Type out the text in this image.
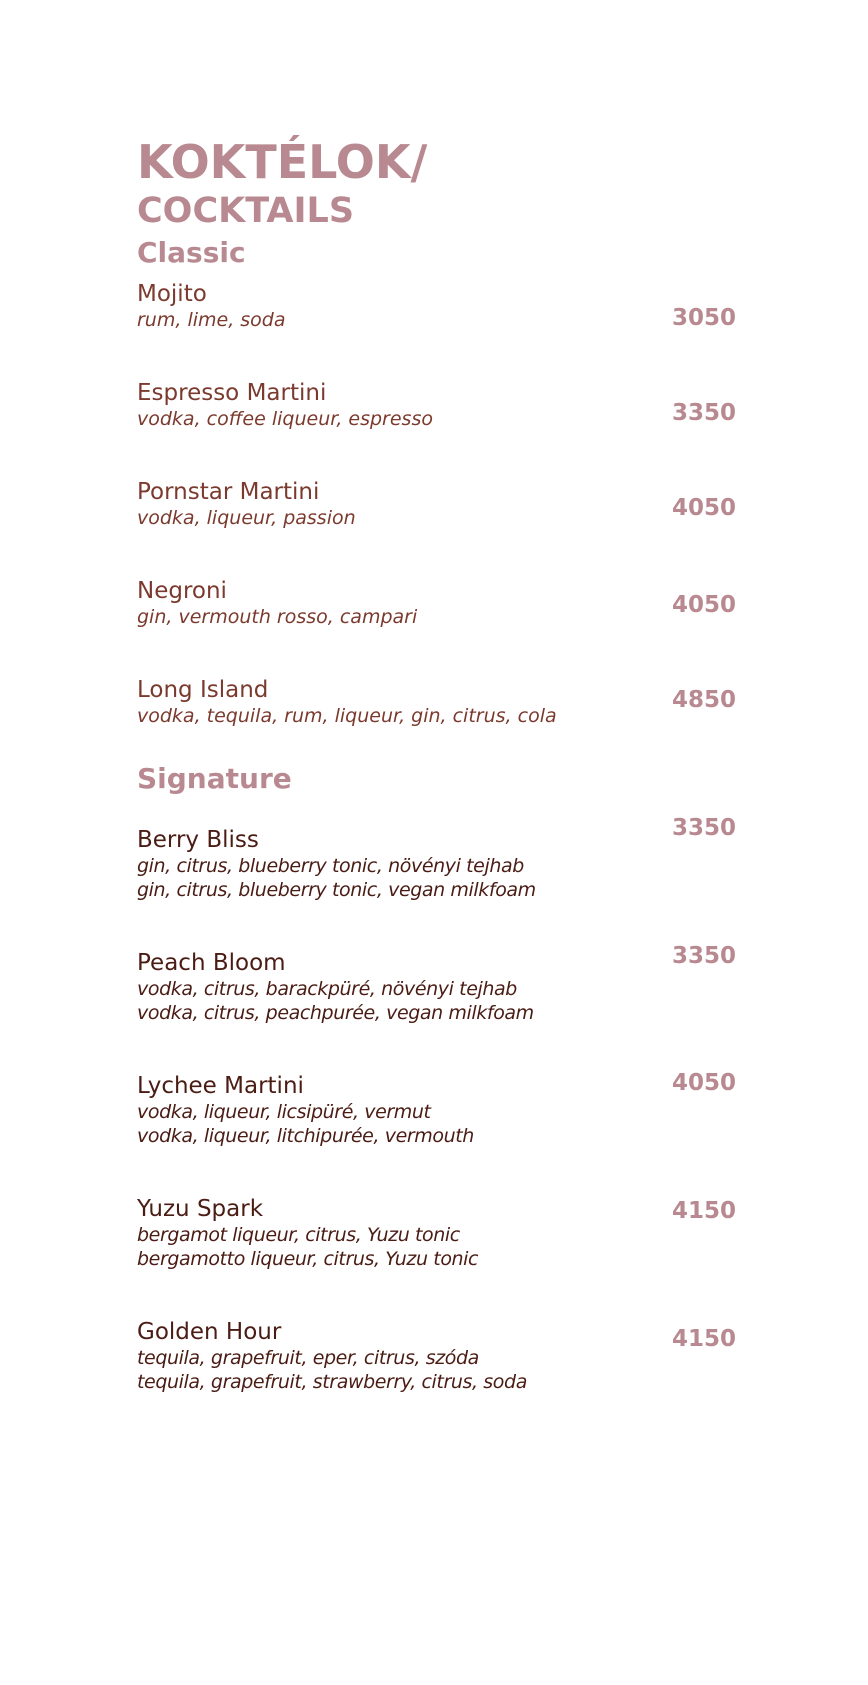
KOKTÉLOK/
COCKTAILS
Classic
Mojito
rum, lime, soda	3050
Espresso Martini
vodka, coffee liqueur, espresso	3350
Pornstar Martini
vodka, liqueur, passion	4050
Negroni
gin, vermouth rosso, campari	4050
Long Island
vodka, tequila, rum, liqueur, gin, citrus, cola
4850
Signature
Berry Bliss
gin, citrus, blueberry tonic, növényi tejhab
gin, citrus, blueberry tonic, vegan milkfoam
3350
Peach Bloom
vodka, citrus, barackpüré, növényi tejhab
vodka, citrus, peachpurée, vegan milkfoam
3350
Lychee Martini
vodka, liqueur, licsipüré, vermut
vodka, liqueur, litchipurée, vermouth
4050
Yuzu Spark
bergamot liqueur, citrus, Yuzu tonic
bergamotto liqueur, citrus, Yuzu tonic
4150
Golden Hour
tequila, grapefruit, eper, citrus, szóda
tequila, grapefruit, strawberry, citrus, soda
4150
